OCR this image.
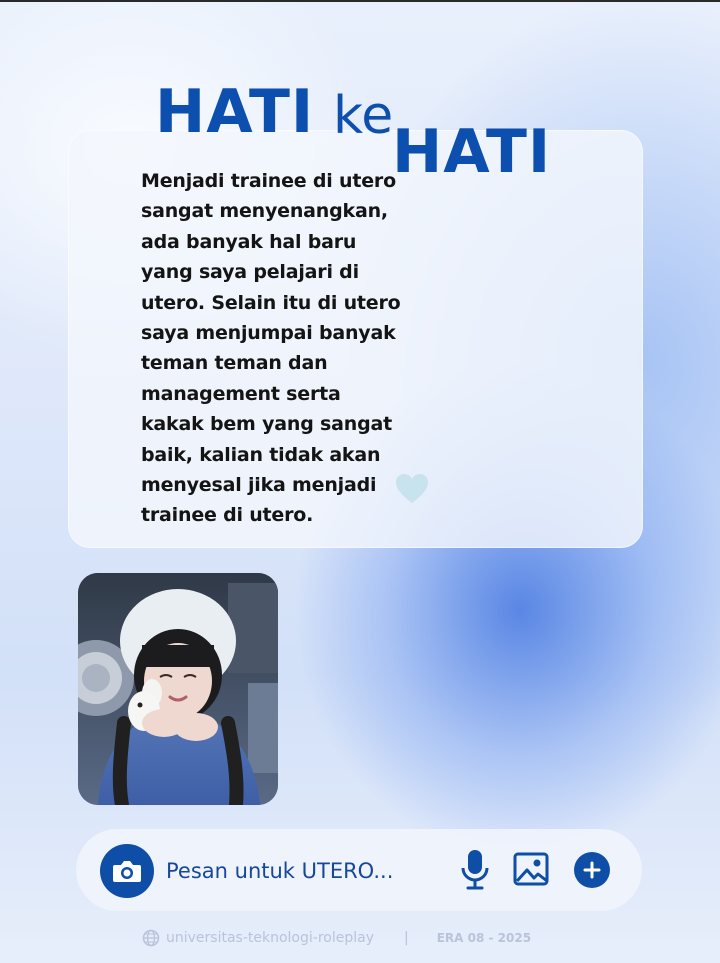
HATI ke
HATI
Menjadi trainee di utero
sangat menyenangkan,
ada banyak hal baru
yang saya pelajari di
utero. Selain itu di utero
saya menjumpai banyak
teman teman dan
management serta
kakak bem yang sangat
baik, kalian tidak akan
menyesal jika menjadi
trainee di utero.
Pesan untuk UTERO...
universitas-teknologi-roleplay | ERA 08 - 2025
